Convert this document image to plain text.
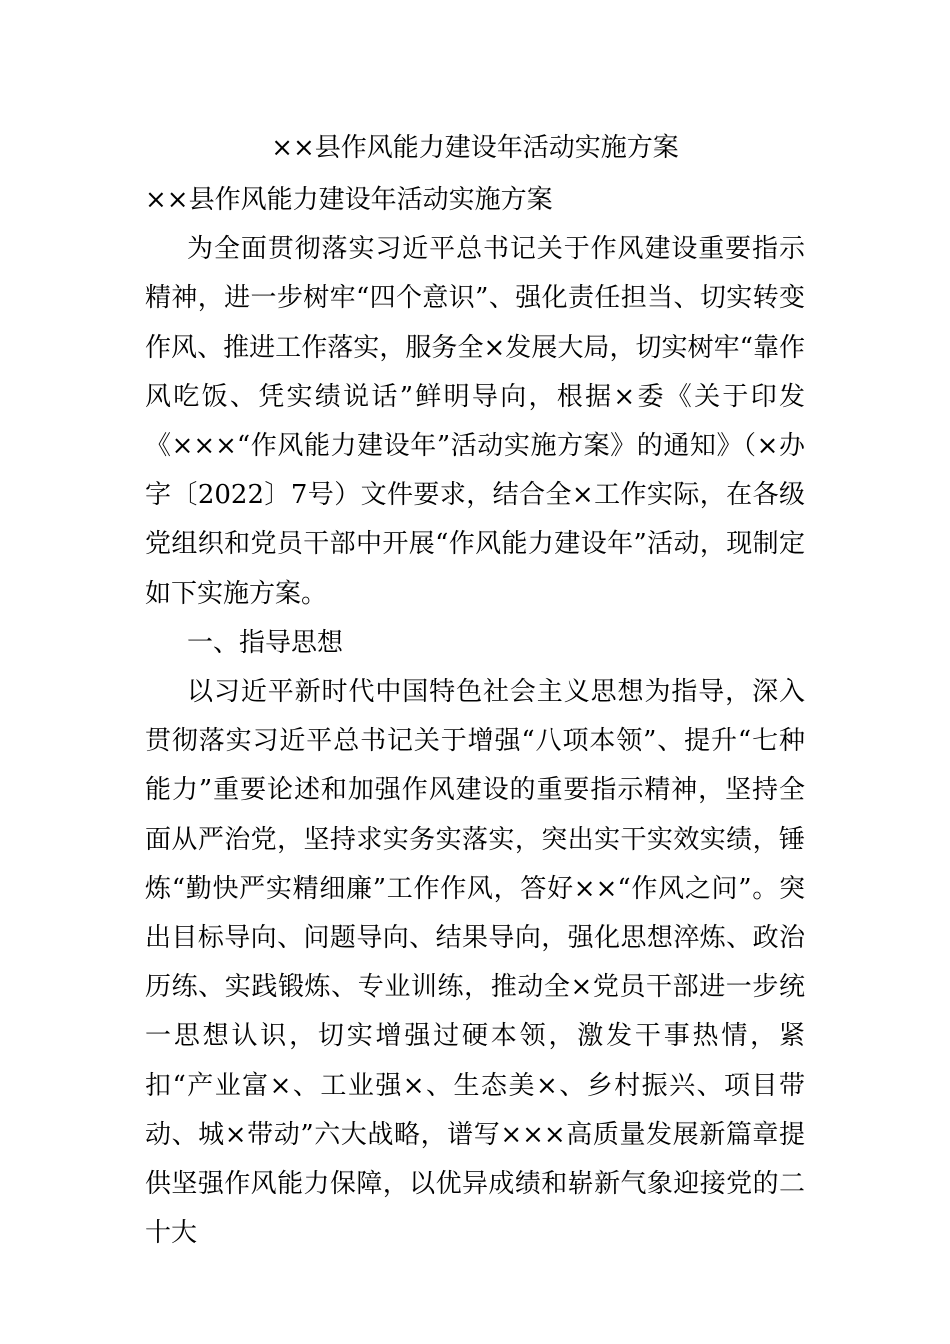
××县作风能力建设年活动实施方案

××县作风能力建设年活动实施方案

为全面贯彻落实习近平总书记关于作风建设重要指示精神，进一步树牢“四个意识”、强化责任担当、切实转变作风、推进工作落实，服务全×发展大局，切实树牢“靠作风吃饭、凭实绩说话”鲜明导向，根据×委《关于印发《×××“作风能力建设年”活动实施方案》的通知》（×办字〔2022〕7号）文件要求，结合全×工作实际，在各级党组织和党员干部中开展“作风能力建设年”活动，现制定如下实施方案。

一、指导思想

以习近平新时代中国特色社会主义思想为指导，深入贯彻落实习近平总书记关于增强“八项本领”、提升“七种能力”重要论述和加强作风建设的重要指示精神，坚持全面从严治党，坚持求实务实落实，突出实干实效实绩，锤炼“勤快严实精细廉”工作作风，答好××“作风之问”。突出目标导向、问题导向、结果导向，强化思想淬炼、政治历练、实践锻炼、专业训练，推动全×党员干部进一步统一思想认识，切实增强过硬本领，激发干事热情，紧扣“产业富×、工业强×、生态美×、乡村振兴、项目带动、城×带动”六大战略，谱写×××高质量发展新篇章提供坚强作风能力保障，以优异成绩和崭新气象迎接党的二十大
